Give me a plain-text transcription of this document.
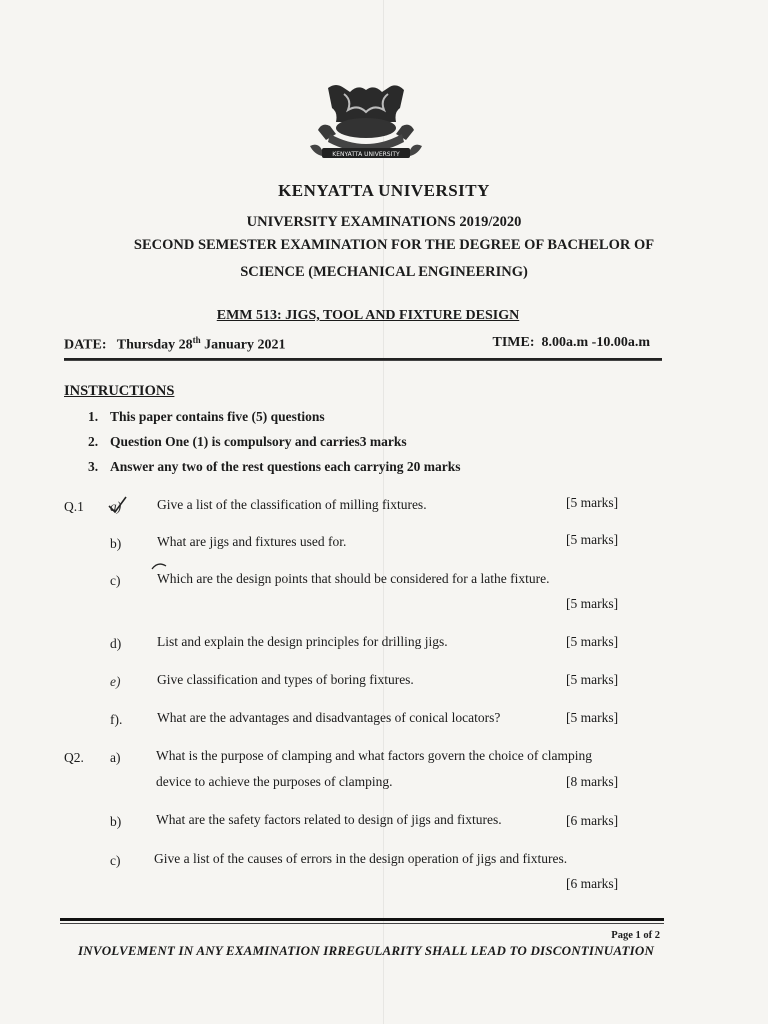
KENYATTA UNIVERSITY
KENYATTA UNIVERSITY
UNIVERSITY EXAMINATIONS 2019/2020
SECOND SEMESTER EXAMINATION FOR THE DEGREE OF BACHELOR OF
SCIENCE (MECHANICAL ENGINEERING)
EMM 513: JIGS, TOOL AND FIXTURE DESIGN
DATE: Thursday 28th January 2021	TIME: 8.00a.m -10.00a.m
INSTRUCTIONS
1. This paper contains five (5) questions
2. Question One (1) is compulsory and carries3 marks
3. Answer any two of the rest questions each carrying 20 marks
Q.1 a)	Give a list of the classification of milling fixtures.	[5 marks]
b)	What are jigs and fixtures used for.	[5 marks]
c)	Which are the design points that should be considered for a lathe fixture.
[5 marks]
d)	List and explain the design principles for drilling jigs.	[5 marks]
e)	Give classification and types of boring fixtures.	[5 marks]
f).	What are the advantages and disadvantages of conical locators?	[5 marks]
Q2. a)	What is the purpose of clamping and what factors govern the choice of clamping
device to achieve the purposes of clamping.	[8 marks]
b)	What are the safety factors related to design of jigs and fixtures.	[6 marks]
c) Give a list of the causes of errors in the design operation of jigs and fixtures.
[6 marks]
Page 1 of 2
INVOLVEMENT IN ANY EXAMINATION IRREGULARITY SHALL LEAD TO DISCONTINUATION
